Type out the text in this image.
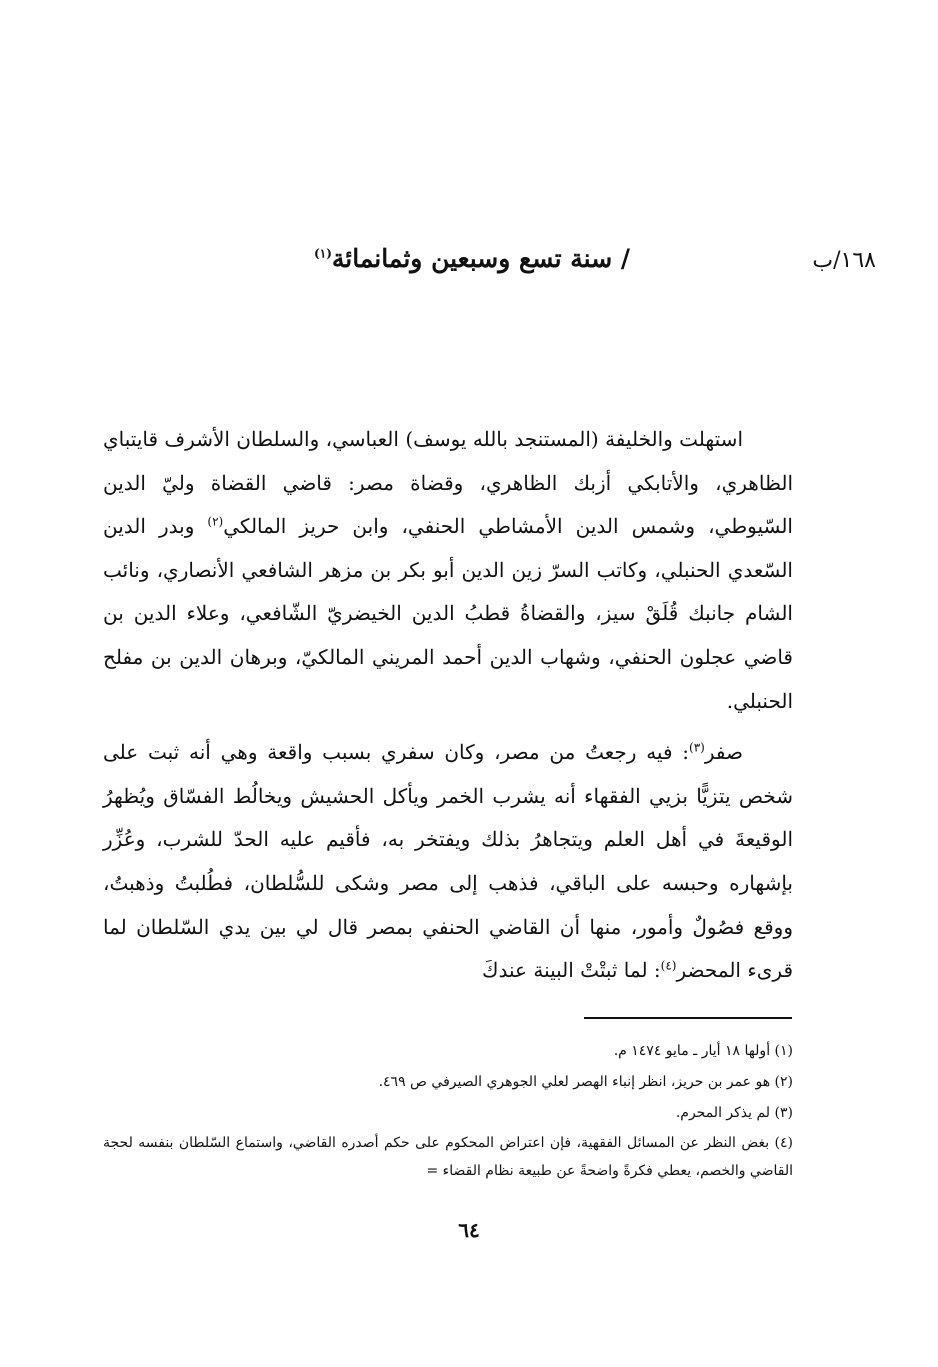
١٦٨/ب
/ سنة تسع وسبعين وثمانمائة$^{(١)}$

استهلت والخليفة (المستنجد بالله يوسف) العباسي، والسلطان الأشرف قايتباي الظاهري، والأتابكي أزبك الظاهري، وقضاة مصر: قاضي القضاة وليّ الدين السّيوطي، وشمس الدين الأمشاطي الحنفي، وابن حريز المالكي$^{(٢)}$ وبدر الدين السّعدي الحنبلي، وكاتب السرّ زين الدين أبو بكر بن مزهر الشافعي الأنصاري، ونائب الشام جانبك قُلَقْ سيز، والقضاةُ قطبُ الدين الخيضريّ الشّافعي، وعلاء الدين بن قاضي عجلون الحنفي، وشهاب الدين أحمد المريني المالكيّ، وبرهان الدين بن مفلح الحنبلي.

صفر$^{(٣)}$: فيه رجعتُ من مصر، وكان سفري بسبب واقعة وهي أنه ثبت على شخص يتزيًّا بزيي الفقهاء أنه يشرب الخمر ويأكل الحشيش ويخالُط الفسّاق ويُظهرُ الوقيعةَ في أهل العلم ويتجاهرُ بذلك ويفتخر به، فأقيم عليه الحدّ للشرب، وعُزِّر بإشهاره وحبسه على الباقي، فذهب إلى مصر وشكى للسُّلطان، فطُلبتُ وذهبتُ، ووقع فصُولٌ وأمور، منها أن القاضي الحنفي بمصر قال لي بين يدي السّلطان لما قرىء المحضر$^{(٤)}$: لما ثبتْتْ البينة عندكَ

(١) أولها ١٨ أيار ـ مايو ١٤٧٤ م.

(٢) هو عمر بن حريز، انظر إنباء الهصر لعلي الجوهري الصيرفي ص ٤٦٩.

(٣) لم يذكر المحرم.

(٤) بغض النظر عن المسائل الفقهية، فإن اعتراض المحكوم على حكم أصدره القاضي، واستماع السّلطان بنفسه لحجة القاضي والخصم، يعطي فكرةً واضحةً عن طبيعة نظام القضاء =

٦٤
